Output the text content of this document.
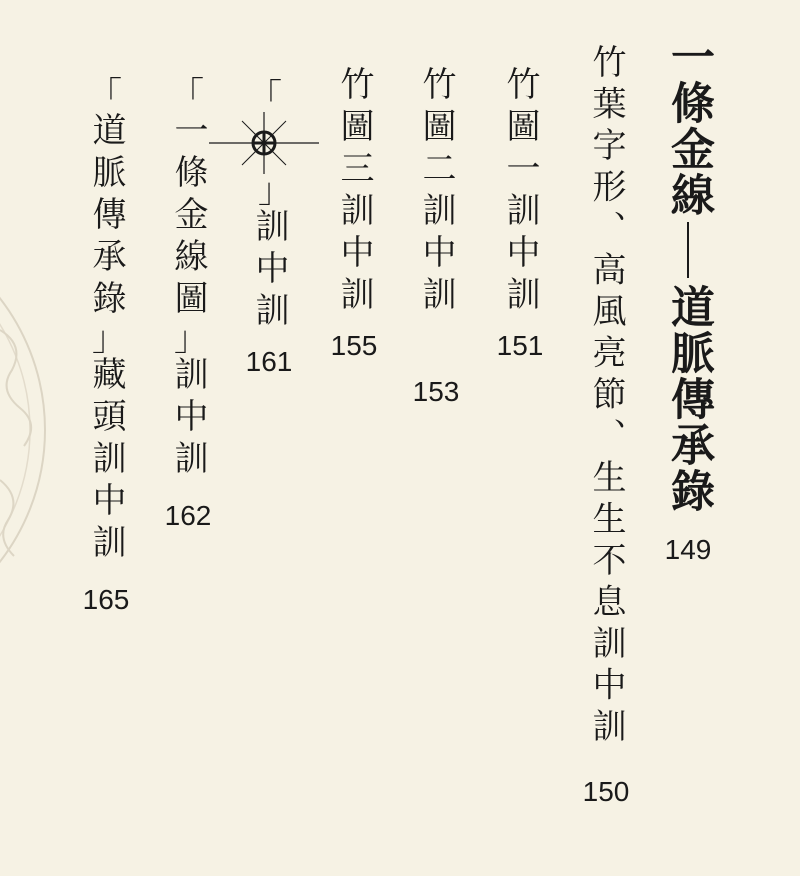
一條金線
道脈傳承錄
149
竹葉字形、高風亮節、生生不息訓中訓
150
竹圖一訓中訓
151
竹圖二訓中訓
153
竹圖三訓中訓
155
「
」
訓中訓
161
「
一條金線圖
」
訓中訓
162
「
道脈傳承錄
」
藏頭訓中訓
165
